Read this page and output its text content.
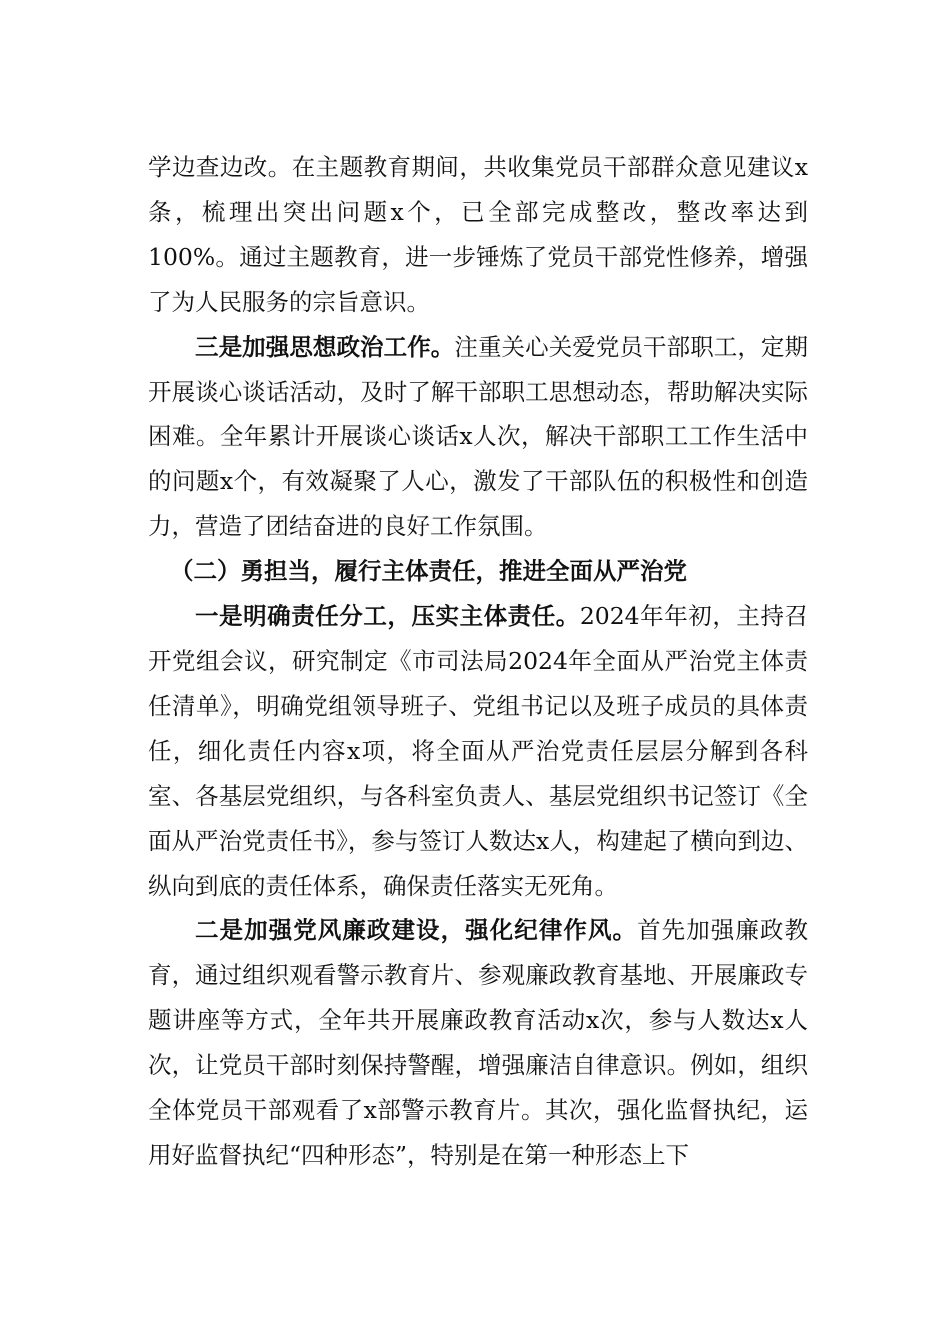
学边查边改。在主题教育期间，共收集党员干部群众意见建议x条，梳理出突出问题x个，已全部完成整改，整改率达到100%。通过主题教育，进一步锤炼了党员干部党性修养，增强了为人民服务的宗旨意识。

三是加强思想政治工作。注重关心关爱党员干部职工，定期开展谈心谈话活动，及时了解干部职工思想动态，帮助解决实际困难。全年累计开展谈心谈话x人次，解决干部职工工作生活中的问题x个，有效凝聚了人心，激发了干部队伍的积极性和创造力，营造了团结奋进的良好工作氛围。

（二）勇担当，履行主体责任，推进全面从严治党

一是明确责任分工，压实主体责任。2024年年初，主持召开党组会议，研究制定《市司法局2024年全面从严治党主体责任清单》，明确党组领导班子、党组书记以及班子成员的具体责任，细化责任内容x项，将全面从严治党责任层层分解到各科室、各基层党组织，与各科室负责人、基层党组织书记签订《全面从严治党责任书》，参与签订人数达x人，构建起了横向到边、纵向到底的责任体系，确保责任落实无死角。

二是加强党风廉政建设，强化纪律作风。首先加强廉政教育，通过组织观看警示教育片、参观廉政教育基地、开展廉政专题讲座等方式，全年共开展廉政教育活动x次，参与人数达x人次，让党员干部时刻保持警醒，增强廉洁自律意识。例如，组织全体党员干部观看了x部警示教育片。其次，强化监督执纪，运用好监督执纪“四种形态”，特别是在第一种形态上下
